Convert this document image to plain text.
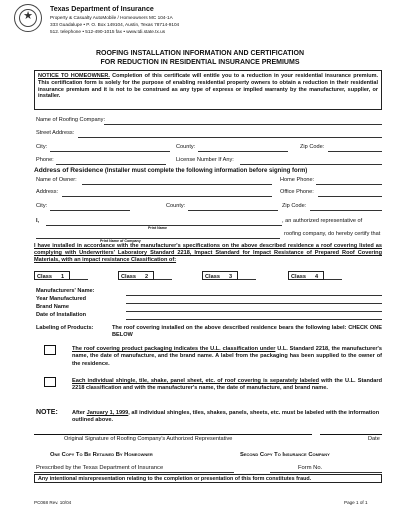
★
Texas Department of Insurance
Property & Casualty AutoMobile / Homeowners MC 104-1A
333 Guadalupe • P. O. Box 149104, Austin, Texas 78714-9104
512. telephone • 512-490-1015 fax • www.tdi.state.tx.us
ROOFING INSTALLATION INFORMATION AND CERTIFICATION
FOR REDUCTION IN RESIDENTIAL INSURANCE PREMIUMS
NOTICE TO HOMEOWNER. Completion of this certificate will entitle you to a reduction in your residential insurance premium. This certification form is solely for the purpose of enabling residential property owners to obtain a reduction in their residential insurance premium and it is not to be construed as any type of express or implied warranty by the manufacturer, supplier, or installer.
Name of Roofing Company:
Street Address:
City:	County:	Zip Code:
Phone:	License Number If Any:
Address of Residence (Installer must complete the following information before signing form)
Name of Owner:	Home Phone:
Address:	Office Phone:
City:	County:	Zip Code:
I,	, an authorized representative of
Print Name
roofing company, do hereby certify that
Print Name of Company
I have installed in accordance with the manufacturer's specifications on the above described residence a roof covering listed as complying with Underwriters' Laboratory Standard 2218, Impact Standard for Impact Resistance of Prepared Roof Covering Materials, with an impact resistance Classification of:
Class 1	Class 2	Class 3	Class 4
Manufacturers' Name:
Year Manufactured
Brand Name
Date of Installation
Labeling of Products:	The roof covering installed on the above described residence bears the following label: CHECK ONE BELOW
The roof covering product packaging indicates the U.L. classification under U.L. Standard 2218, the manufacturer's name, the date of manufacture, and the brand name. A label from the packaging has been supplied to the owner of the residence.
Each individual shingle, tile, shake, panel sheet, etc. of roof covering is separately labeled with the U.L. Standard 2218 classification and with the manufacturer's name, the date of manufacture, and brand name.
NOTE:	After January 1, 1999, all individual shingles, tiles, shakes, panels, sheets, etc. must be labeled with the information outlined above.
Original Signature of Roofing Company's Authorized Representative	Date
One Copy To Be Retained By Homeowner	Second Copy To Insurance Company
Prescribed by the Texas Department of Insurance	Form No.
Any intentional misrepresentation relating to the completion or presentation of this form constitutes fraud.
PC068 Rev. 10/04	Page 1 of 1
